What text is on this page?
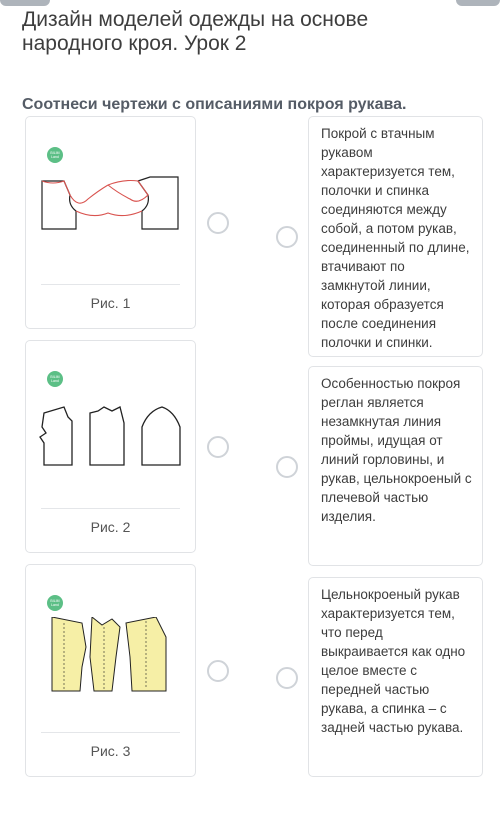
Дизайн моделей одежды на основе народного кроя. Урок 2
Соотнеси чертежи с описаниями покроя рукава.
BILIM Land
Рис. 1
BILIM Land
Рис. 2
BILIM Land
Рис. 3
Покрой с втачным рукавом характеризуется тем, полочки и спинка соединяются между собой, а потом рукав, соединенный по длине, втачивают по замкнутой линии, которая образуется после соединения полочки и спинки.
Особенностью покроя реглан является незамкнутая линия проймы, идущая от линий горловины, и рукав, цельнокроеный с плечевой частью изделия.
Цельнокроеный рукав характеризуется тем, что перед выкраивается как одно целое вместе с передней частью рукава, а спинка – с задней частью рукава.
